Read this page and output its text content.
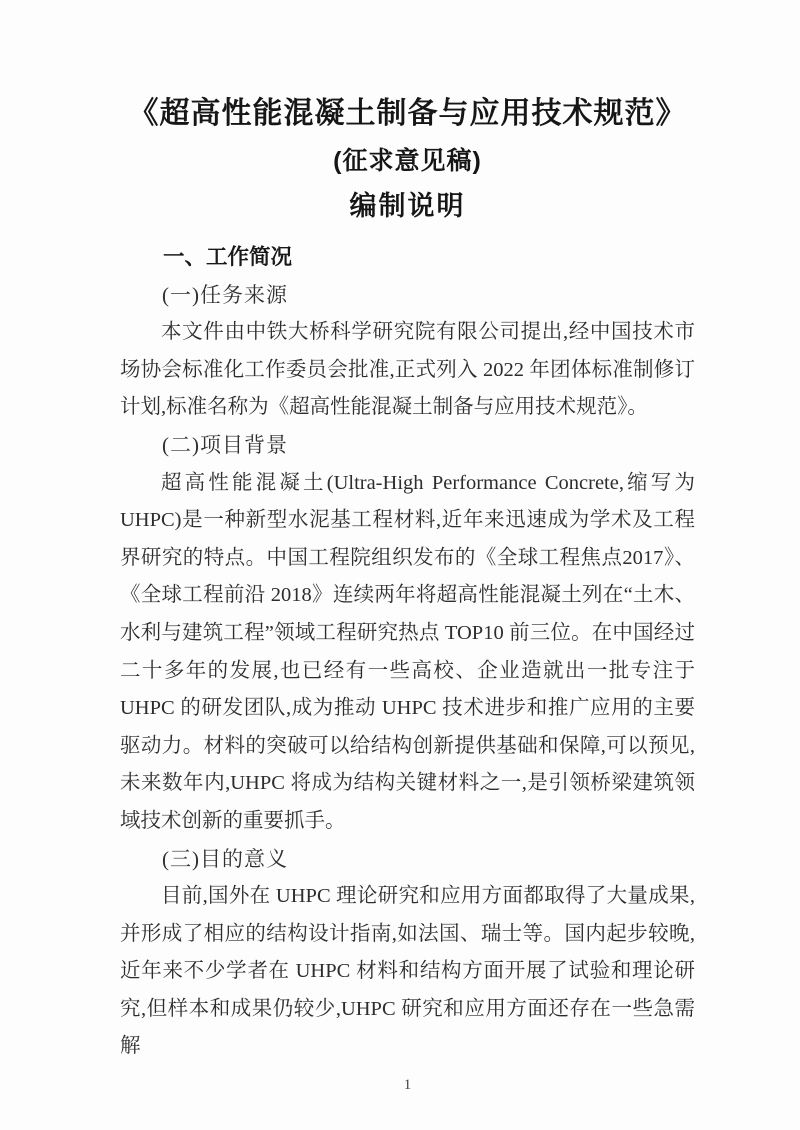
《超高性能混凝土制备与应用技术规范》
(征求意见稿)
编制说明
一、工作简况
(一)任务来源
本文件由中铁大桥科学研究院有限公司提出,经中国技术市场协会标准化工作委员会批准,正式列入 2022 年团体标准制修订计划,标准名称为《超高性能混凝土制备与应用技术规范》。
(二)项目背景
超高性能混凝土(Ultra-High Performance Concrete,缩写为 UHPC)是一种新型水泥基工程材料,近年来迅速成为学术及工程界研究的特点。中国工程院组织发布的《全球工程焦点2017》、《全球工程前沿 2018》连续两年将超高性能混凝土列在“土木、水利与建筑工程”领域工程研究热点 TOP10 前三位。在中国经过二十多年的发展,也已经有一些高校、企业造就出一批专注于 UHPC 的研发团队,成为推动 UHPC 技术进步和推广应用的主要驱动力。材料的突破可以给结构创新提供基础和保障,可以预见,未来数年内,UHPC 将成为结构关键材料之一,是引领桥梁建筑领域技术创新的重要抓手。
(三)目的意义
目前,国外在 UHPC 理论研究和应用方面都取得了大量成果,并形成了相应的结构设计指南,如法国、瑞士等。国内起步较晚,近年来不少学者在 UHPC 材料和结构方面开展了试验和理论研究,但样本和成果仍较少,UHPC 研究和应用方面还存在一些急需解
1
